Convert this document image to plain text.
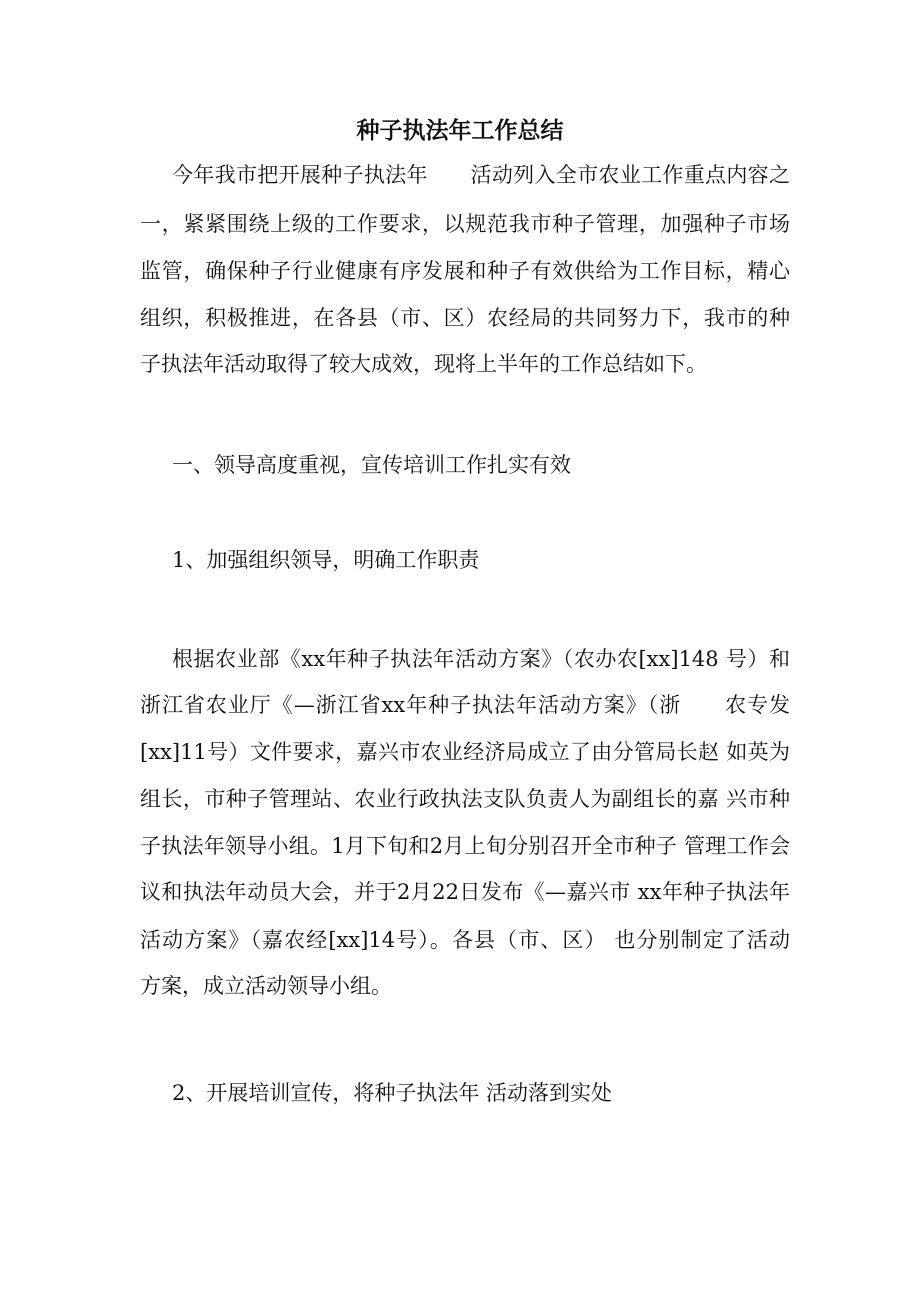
种子执法年工作总结
今年我市把开展种子执法年　　活动列入全市农业工作重点内容之
一，紧紧围绕上级的工作要求，以规范我市种子管理，加强种子市场
监管，确保种子行业健康有序发展和种子有效供给为工作目标，精心
组织，积极推进，在各县（市、区）农经局的共同努力下，我市的种
子执法年活动取得了较大成效，现将上半年的工作总结如下。
一、领导高度重视，宣传培训工作扎实有效
1、加强组织领导，明确工作职责
根据农业部《xx年种子执法年活动方案》（农办农[xx]148 号）和
浙江省农业厅《—浙江省xx年种子执法年活动方案》（浙　　农专发
[xx]11号）文件要求，嘉兴市农业经济局成立了由分管局长赵 如英为
组长，市种子管理站、农业行政执法支队负责人为副组长的嘉 兴市种
子执法年领导小组。1月下旬和2月上旬分别召开全市种子 管理工作会
议和执法年动员大会，并于2月22日发布《—嘉兴市 xx年种子执法年
活动方案》（嘉农经[xx]14号）。各县（市、区） 也分别制定了活动
方案，成立活动领导小组。
2、开展培训宣传，将种子执法年 活动落到实处
